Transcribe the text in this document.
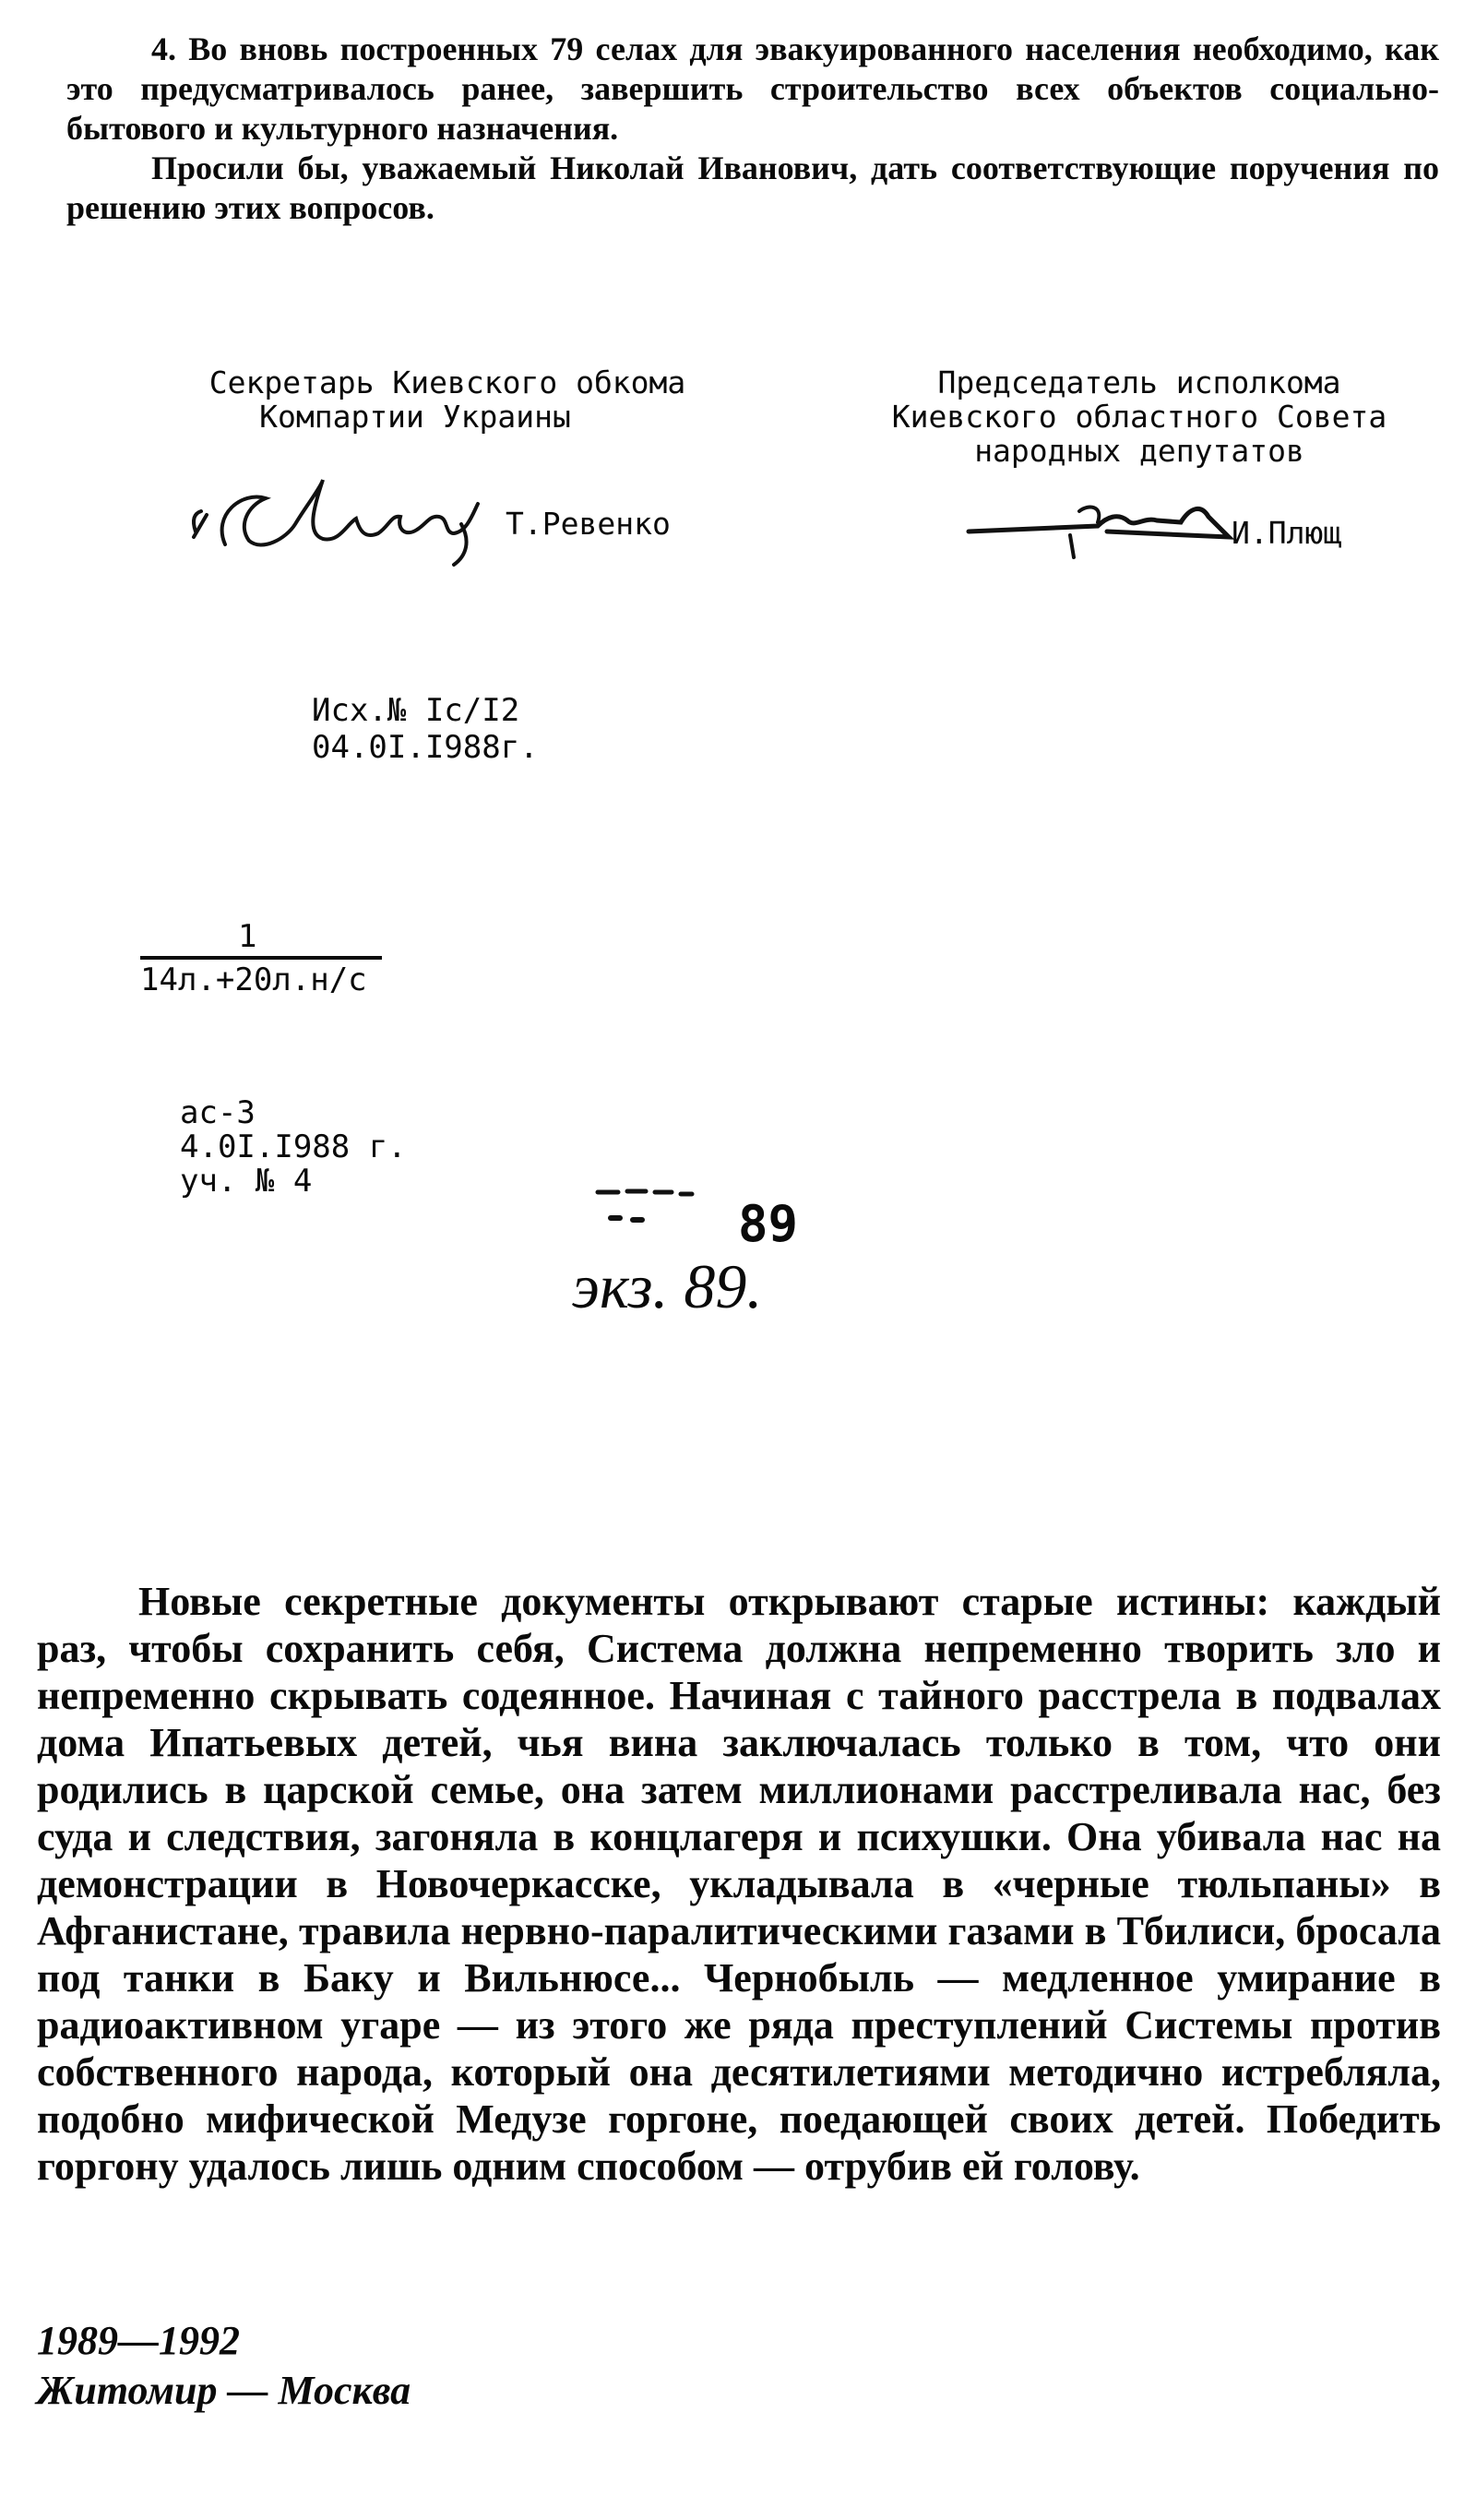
4. Во вновь построенных 79 селах для эвакуированного населения необходимо, как это предусматривалось ранее, завершить строительство всех объектов социально-бытового и культурного назначения.

Просили бы, уважаемый Николай Иванович, дать соответствующие поручения по решению этих вопросов.

Секретарь Киевского обкома
Компартии Украины
Председатель исполкома
Киевского областного Совета
народных депутатов
Т.Ревенко	И.Плющ
Исх.№ Іс/І2
04.0І.І988г.
1
14л.+20л.н/с
ас-3
4.0І.І988 г.
уч. № 4
89
экз. 89.

Новые секретные документы открывают старые истины: каждый раз, чтобы сохранить себя, Система должна непременно творить зло и непременно скрывать содеянное. Начиная с тайного расстрела в подвалах дома Ипатьевых детей, чья вина заключалась только в том, что они родились в царской семье, она затем миллионами расстреливала нас, без суда и следствия, загоняла в концлагеря и психушки. Она убивала нас на демонстрации в Новочеркасске, укладывала в «черные тюльпаны» в Афганистане, травила нервно-паралитическими газами в Тбилиси, бросала под танки в Баку и Вильнюсе... Чернобыль — медленное умирание в радиоактивном угаре — из этого же ряда преступлений Системы против собственного народа, который она десятилетиями методично истребляла, подобно мифической Медузе горгоне, поедающей своих детей. Победить горгону удалось лишь одним способом — отрубив ей голову.

1989—1992
Житомир — Москва
